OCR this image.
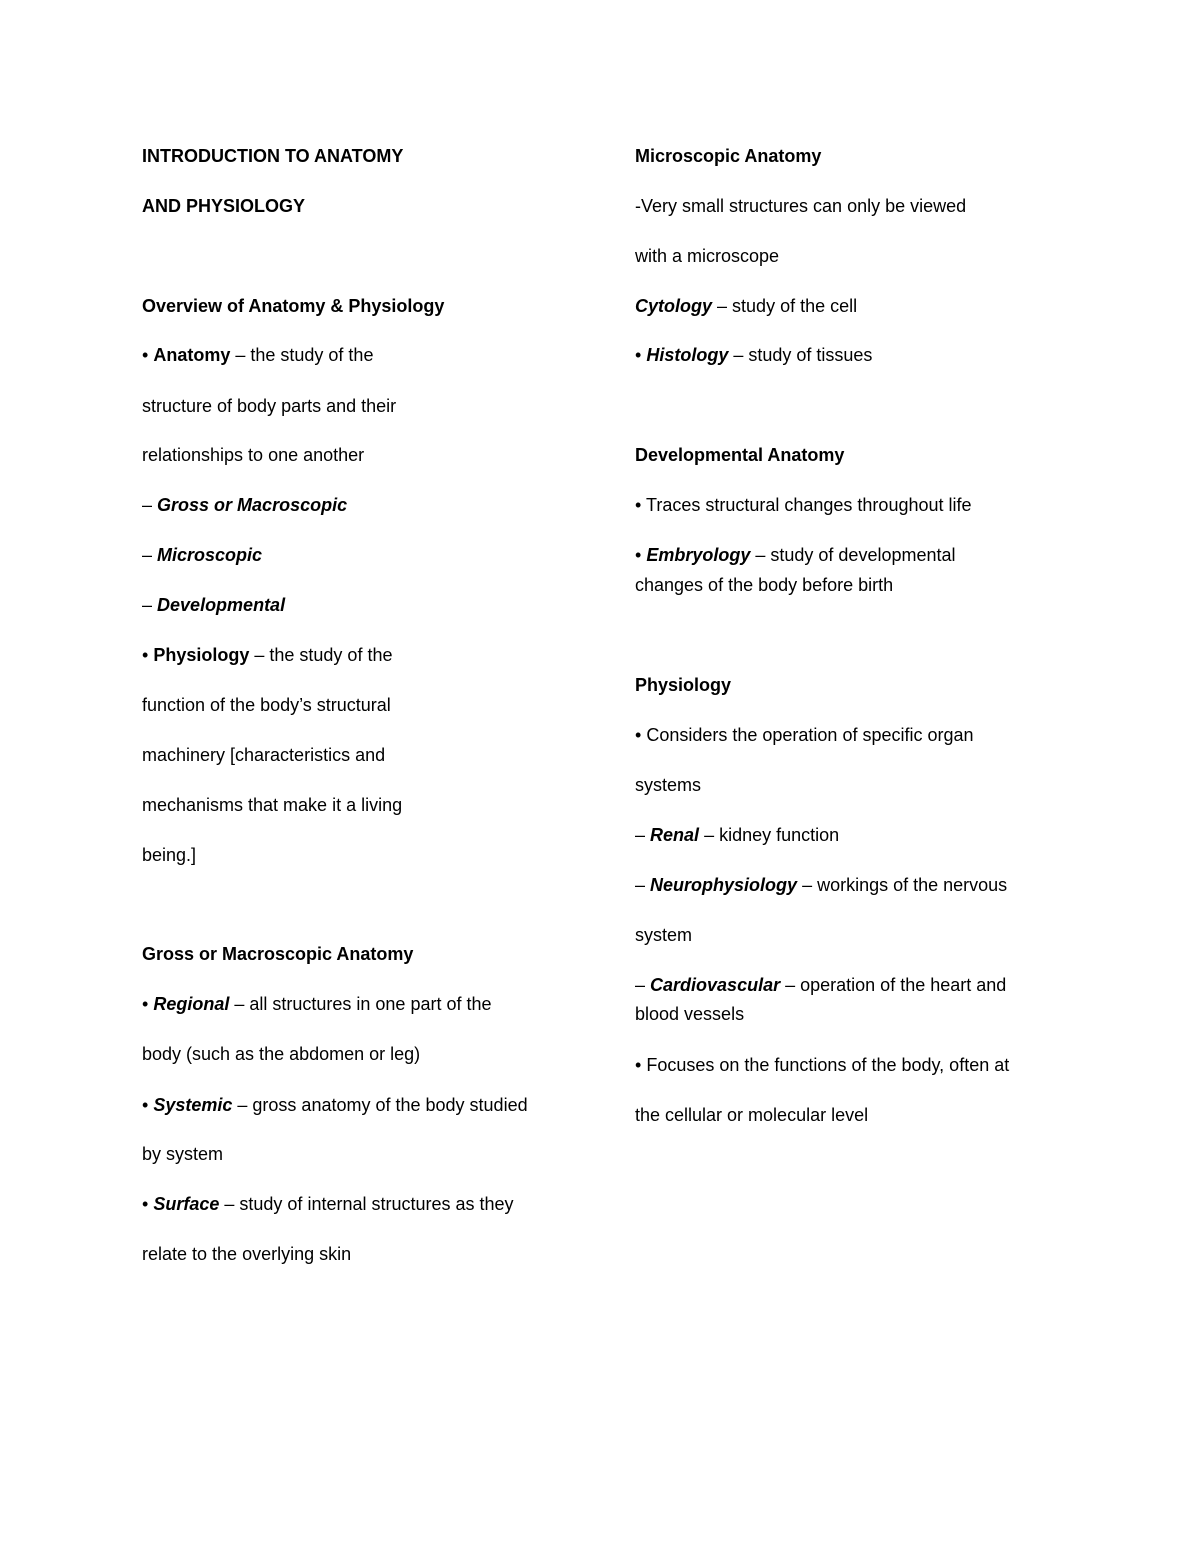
INTRODUCTION TO ANATOMY
AND PHYSIOLOGY
Overview of Anatomy & Physiology
• Anatomy – the study of the
structure of body parts and their
relationships to one another
– Gross or Macroscopic
– Microscopic
– Developmental
• Physiology – the study of the
function of the body’s structural
machinery [characteristics and
mechanisms that make it a living
being.]
Gross or Macroscopic Anatomy
• Regional – all structures in one part of the
body (such as the abdomen or leg)
• Systemic – gross anatomy of the body studied
by system
• Surface – study of internal structures as they
relate to the overlying skin
Microscopic Anatomy
-Very small structures can only be viewed
with a microscope
Cytology – study of the cell
• Histology – study of tissues
Developmental Anatomy
• Traces structural changes throughout life
• Embryology – study of developmental
changes of the body before birth
Physiology
• Considers the operation of specific organ
systems
– Renal – kidney function
– Neurophysiology – workings of the nervous
system
– Cardiovascular – operation of the heart and
blood vessels
• Focuses on the functions of the body, often at
the cellular or molecular level
